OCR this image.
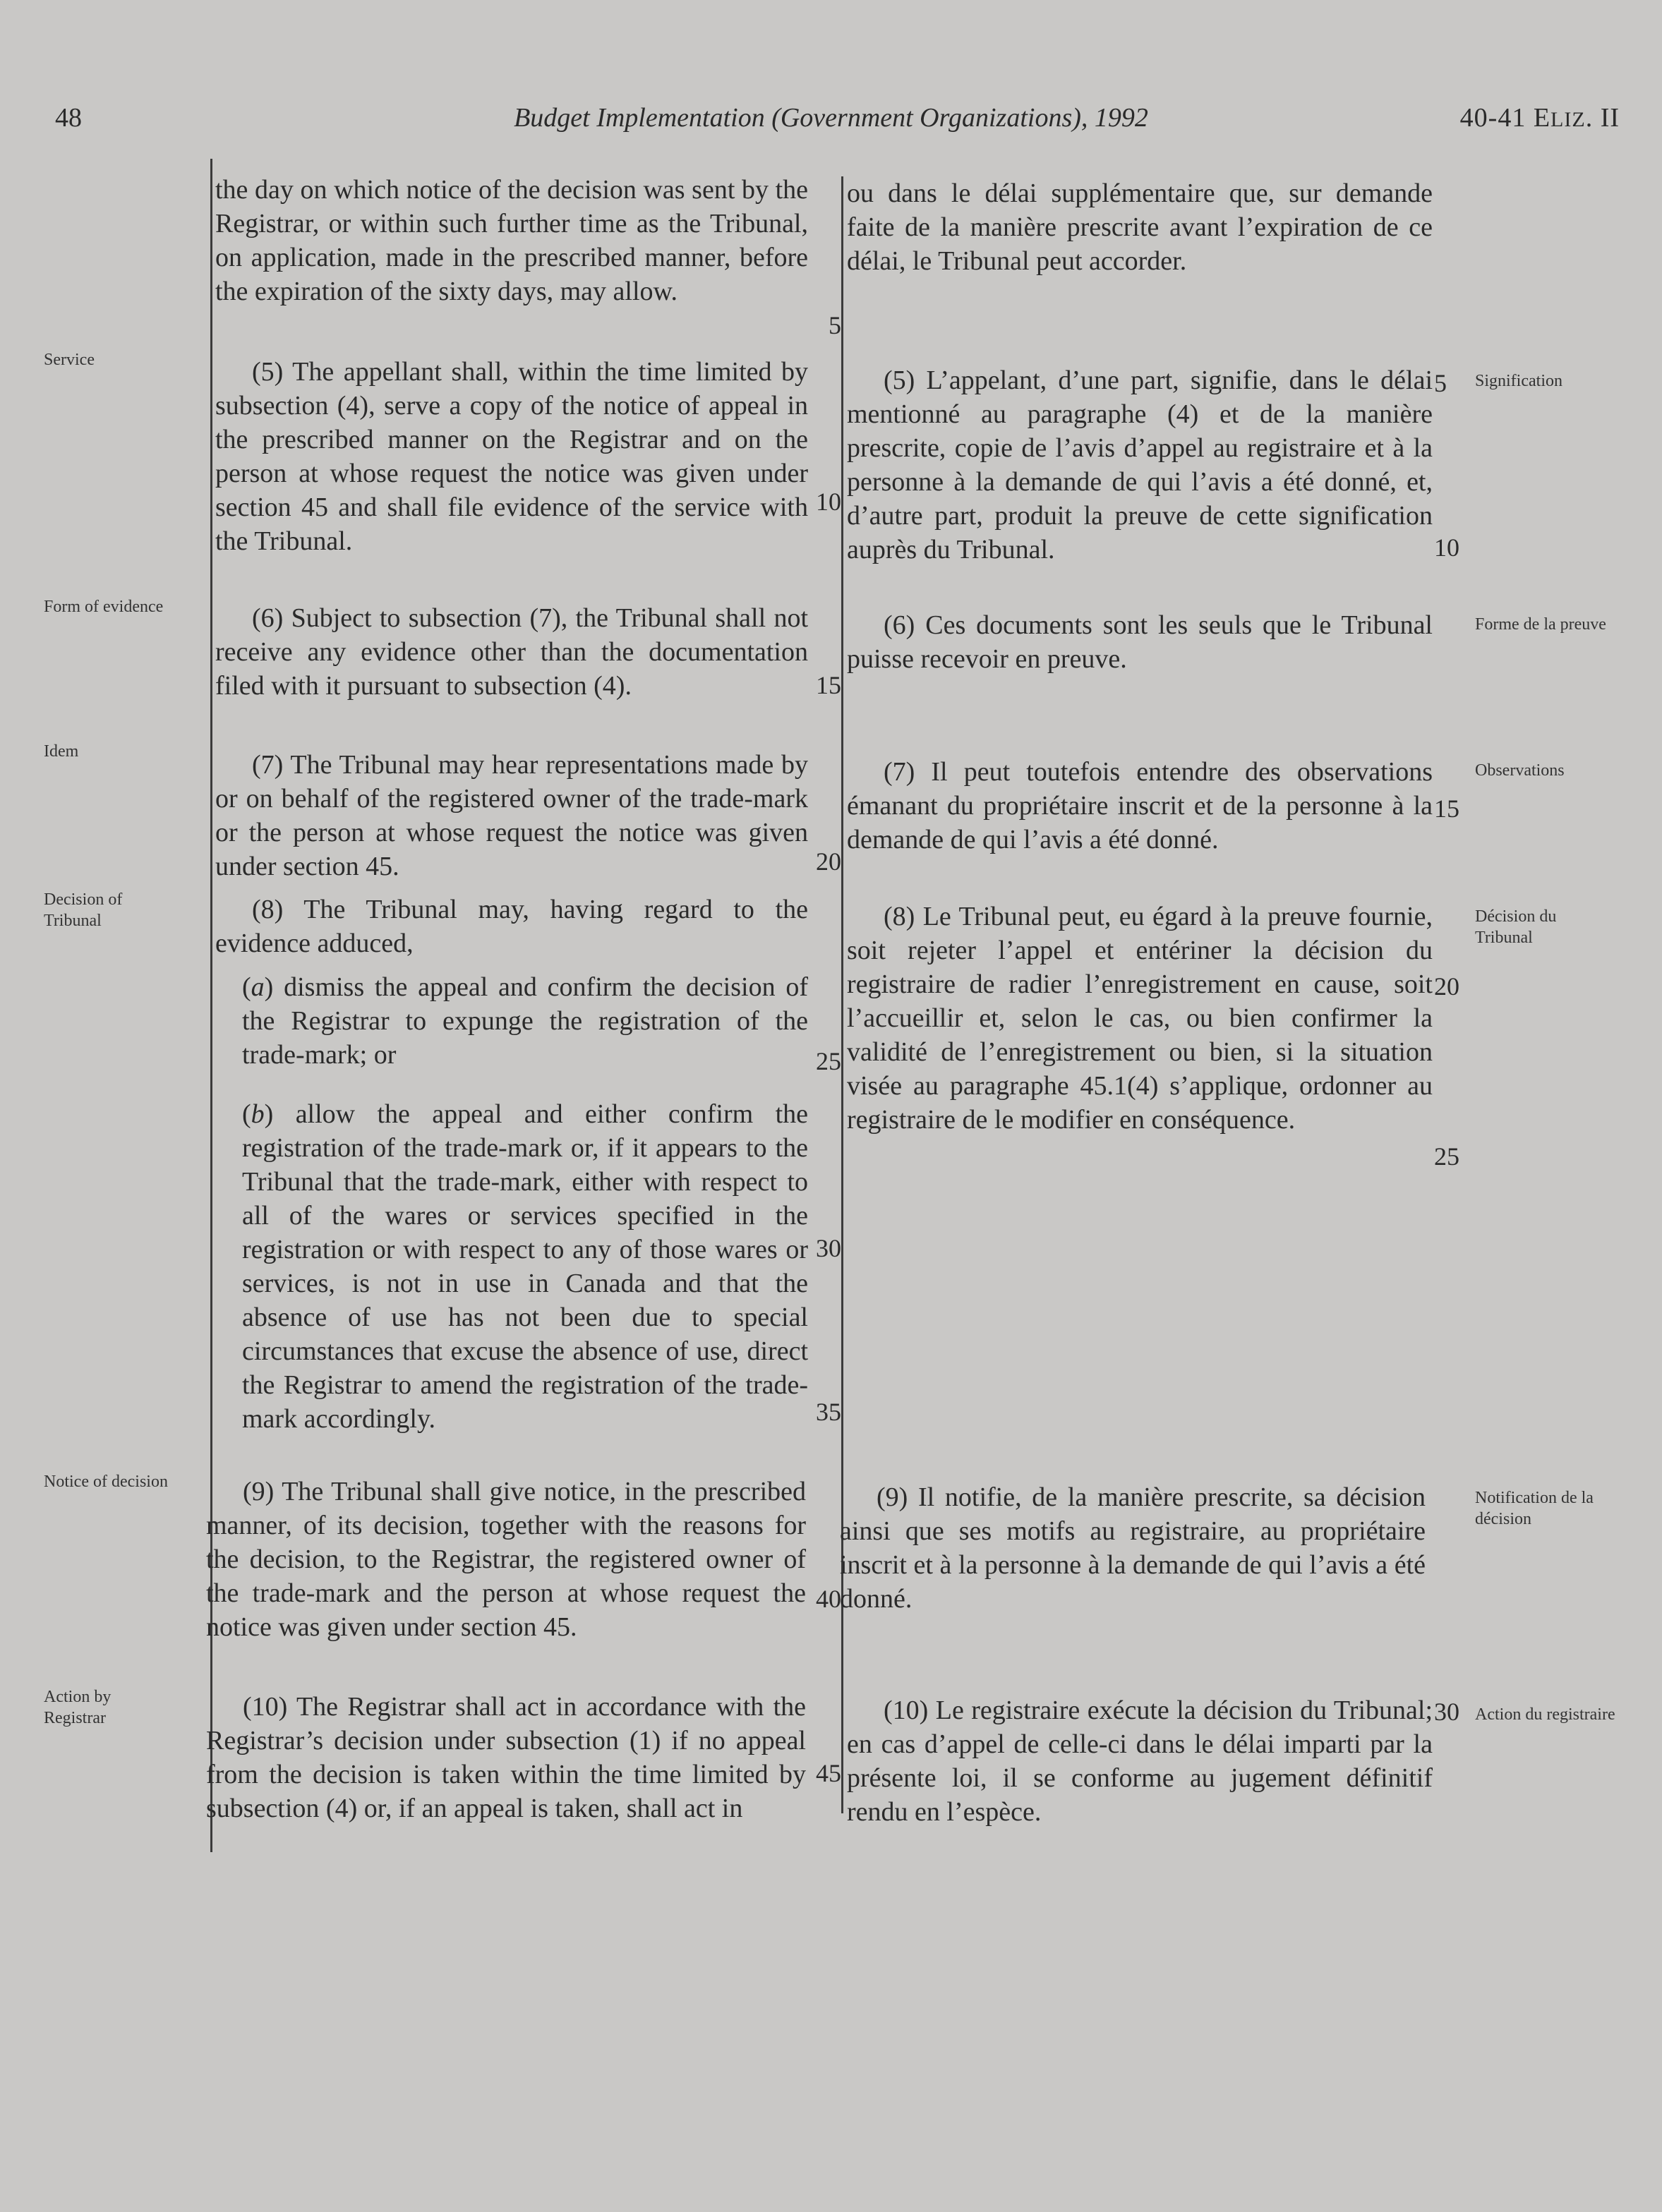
48	Budget Implementation (Government Organizations), 1992	40-41 ELIZ. II
Service
Form of evidence
Idem
Decision of Tribunal
Notice of decision
Action by Registrar
Signification
Forme de la preuve
Observations
Décision du Tribunal
Notification de la décision
Action du registraire
the day on which notice of the decision was sent by the Registrar, or within such further time as the Tribunal, on application, made in the prescribed manner, before the expiration of the sixty days, may allow.
(5) The appellant shall, within the time limited by subsection (4), serve a copy of the notice of appeal in the prescribed manner on the Registrar and on the person at whose request the notice was given under section 45 and shall file evidence of the service with the Tribunal.
(6) Subject to subsection (7), the Tribunal shall not receive any evidence other than the documentation filed with it pursuant to subsection (4).
(7) The Tribunal may hear representations made by or on behalf of the registered owner of the trade-mark or the person at whose request the notice was given under section 45.
(8) The Tribunal may, having regard to the evidence adduced,
(a) dismiss the appeal and confirm the decision of the Registrar to expunge the registration of the trade-mark; or
(b) allow the appeal and either confirm the registration of the trade-mark or, if it appears to the Tribunal that the trade-mark, either with respect to all of the wares or services specified in the registration or with respect to any of those wares or services, is not in use in Canada and that the absence of use has not been due to special circumstances that excuse the absence of use, direct the Registrar to amend the registration of the trade-mark accordingly.
(9) The Tribunal shall give notice, in the prescribed manner, of its decision, together with the reasons for the decision, to the Registrar, the registered owner of the trade-mark and the person at whose request the notice was given under section 45.
(10) The Registrar shall act in accordance with the Registrar’s decision under subsection (1) if no appeal from the decision is taken within the time limited by subsection (4) or, if an appeal is taken, shall act in
ou dans le délai supplémentaire que, sur demande faite de la manière prescrite avant l’expiration de ce délai, le Tribunal peut accorder.
(5) L’appelant, d’une part, signifie, dans le délai mentionné au paragraphe (4) et de la manière prescrite, copie de l’avis d’appel au registraire et à la personne à la demande de qui l’avis a été donné, et, d’autre part, produit la preuve de cette signification auprès du Tribunal.
(6) Ces documents sont les seuls que le Tribunal puisse recevoir en preuve.
(7) Il peut toutefois entendre des observations émanant du propriétaire inscrit et de la personne à la demande de qui l’avis a été donné.
(8) Le Tribunal peut, eu égard à la preuve fournie, soit rejeter l’appel et entériner la décision du registraire de radier l’enregistrement en cause, soit l’accueillir et, selon le cas, ou bien confirmer la validité de l’enregistrement ou bien, si la situation visée au paragraphe 45.1(4) s’applique, ordonner au registraire de le modifier en conséquence.
(9) Il notifie, de la manière prescrite, sa décision ainsi que ses motifs au registraire, au propriétaire inscrit et à la personne à la demande de qui l’avis a été donné.
(10) Le registraire exécute la décision du Tribunal; en cas d’appel de celle-ci dans le délai imparti par la présente loi, il se conforme au jugement définitif rendu en l’espèce.
5
10
15
20
25
30
35
40
45
5
10
15
20
25
30
